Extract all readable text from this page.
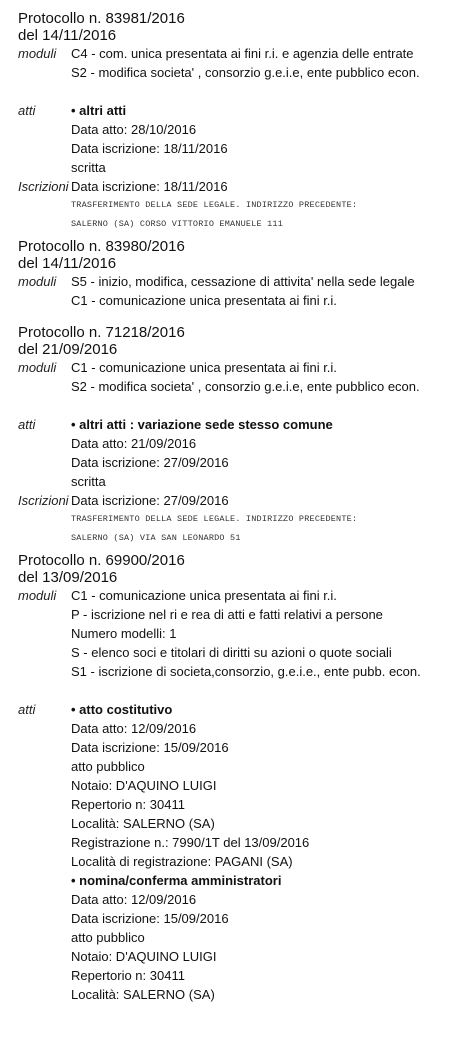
Protocollo n. 83981/2016
del 14/11/2016
moduli	C4 - com. unica presentata ai fini r.i. e agenzia delle entrate
S2 - modifica societa' , consorzio g.e.i.e, ente pubblico econ.
atti	• altri atti
Data atto: 28/10/2016
Data iscrizione: 18/11/2016
scritta
Iscrizioni Data iscrizione: 18/11/2016
TRASFERIMENTO DELLA SEDE LEGALE. INDIRIZZO PRECEDENTE:
SALERNO (SA) CORSO VITTORIO EMANUELE 111
Protocollo n. 83980/2016
del 14/11/2016
moduli	S5 - inizio, modifica, cessazione di attivita' nella sede legale
C1 - comunicazione unica presentata ai fini r.i.
Protocollo n. 71218/2016
del 21/09/2016
moduli	C1 - comunicazione unica presentata ai fini r.i.
S2 - modifica societa' , consorzio g.e.i.e, ente pubblico econ.
atti	• altri atti : variazione sede stesso comune
Data atto: 21/09/2016
Data iscrizione: 27/09/2016
scritta
Iscrizioni Data iscrizione: 27/09/2016
TRASFERIMENTO DELLA SEDE LEGALE. INDIRIZZO PRECEDENTE:
SALERNO (SA) VIA SAN LEONARDO 51
Protocollo n. 69900/2016
del 13/09/2016
moduli	C1 - comunicazione unica presentata ai fini r.i.
P - iscrizione nel ri e rea di atti e fatti relativi a persone
Numero modelli: 1
S - elenco soci e titolari di diritti su azioni o quote sociali
S1 - iscrizione di societa,consorzio, g.e.i.e., ente pubb. econ.
atti	• atto costitutivo
Data atto: 12/09/2016
Data iscrizione: 15/09/2016
atto pubblico
Notaio: D'AQUINO LUIGI
Repertorio n: 30411
Località: SALERNO (SA)
Registrazione n.: 7990/1T del 13/09/2016
Località di registrazione: PAGANI (SA)
• nomina/conferma amministratori
Data atto: 12/09/2016
Data iscrizione: 15/09/2016
atto pubblico
Notaio: D'AQUINO LUIGI
Repertorio n: 30411
Località: SALERNO (SA)
